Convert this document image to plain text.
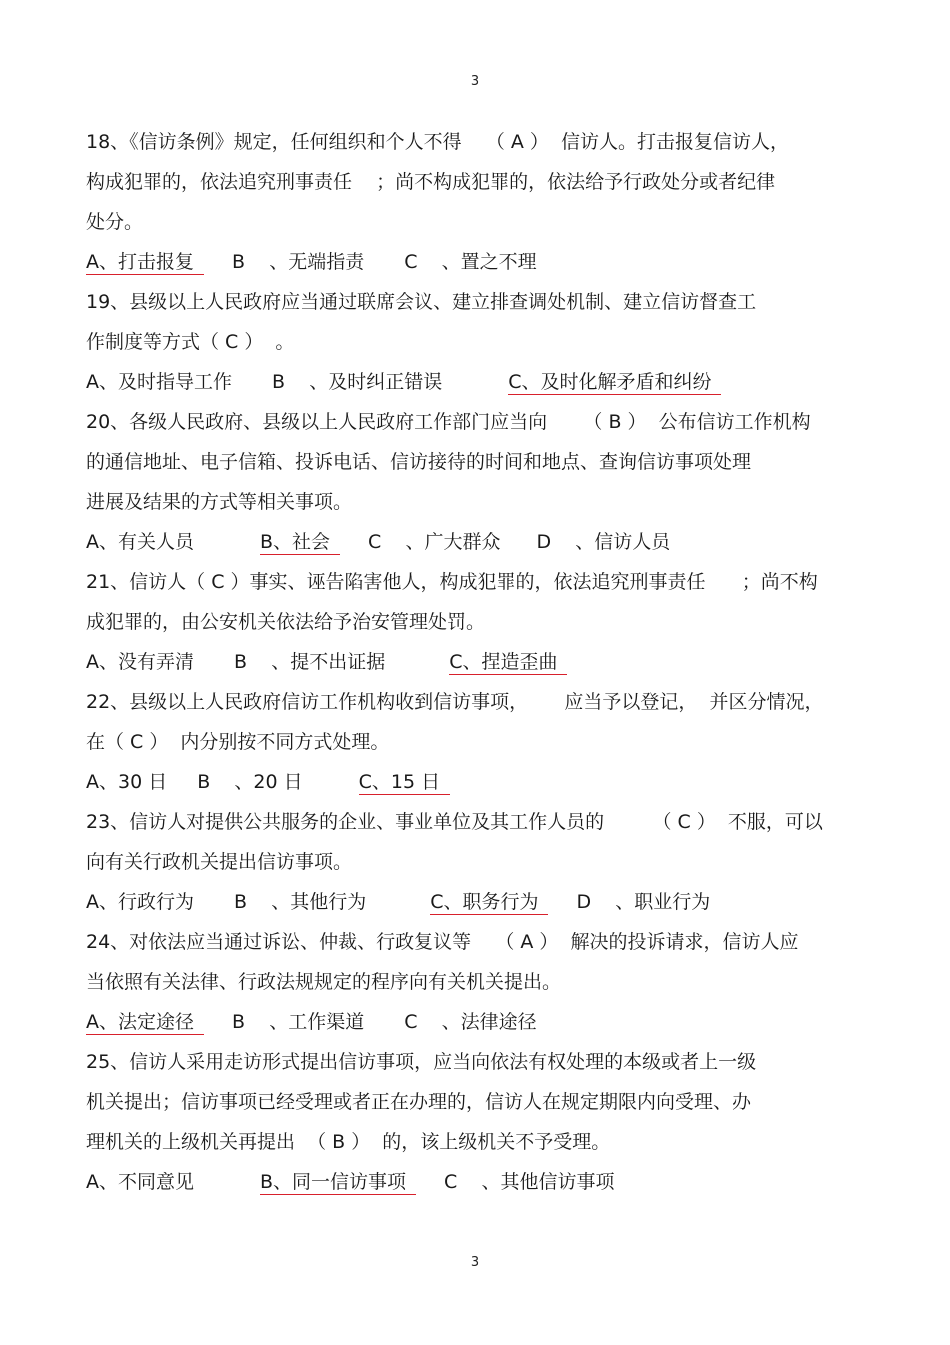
3
18、《信访条例》规定，任何组织和个人不得    （ A ）  信访人。打击报复信访人，
构成犯罪的，依法追究刑事责任    ；尚不构成犯罪的，依法给予行政处分或者纪律
处分。
A、打击报复 B    、无端指责 C    、置之不理
19、县级以上人民政府应当通过联席会议、建立排查调处机制、建立信访督查工
作制度等方式（ C ）  。
A、及时指导工作 B    、及时纠正错误	C、及时化解矛盾和纠纷
20、各级人民政府、县级以上人民政府工作部门应当向      （ B ）  公布信访工作机构
的通信地址、电子信箱、投诉电话、信访接待的时间和地点、查询信访事项处理
进展及结果的方式等相关事项。
A、有关人员	B、社会 C    、广大群众 D    、信访人员
21、信访人（ C ）事实、诬告陷害他人，构成犯罪的，依法追究刑事责任      ；尚不构
成犯罪的，由公安机关依法给予治安管理处罚。
A、没有弄清 B    、提不出证据	C、捏造歪曲
22、县级以上人民政府信访工作机构收到信访事项，      应当予以登记，  并区分情况，
在（ C ）  内分别按不同方式处理。
A、30 日 B    、20 日	C、15 日
23、信访人对提供公共服务的企业、事业单位及其工作人员的        （ C ）  不服，可以
向有关行政机关提出信访事项。
A、行政行为 B    、其他行为	C、职务行为 D    、职业行为
24、对依法应当通过诉讼、仲裁、行政复议等    （ A ）  解决的投诉请求，信访人应
当依照有关法律、行政法规规定的程序向有关机关提出。
A、法定途径 B    、工作渠道 C    、法律途径
25、信访人采用走访形式提出信访事项，应当向依法有权处理的本级或者上一级
机关提出；信访事项已经受理或者正在办理的，信访人在规定期限内向受理、办
理机关的上级机关再提出  （ B ）  的，该上级机关不予受理。
A、不同意见	B、同一信访事项 C    、其他信访事项
3
